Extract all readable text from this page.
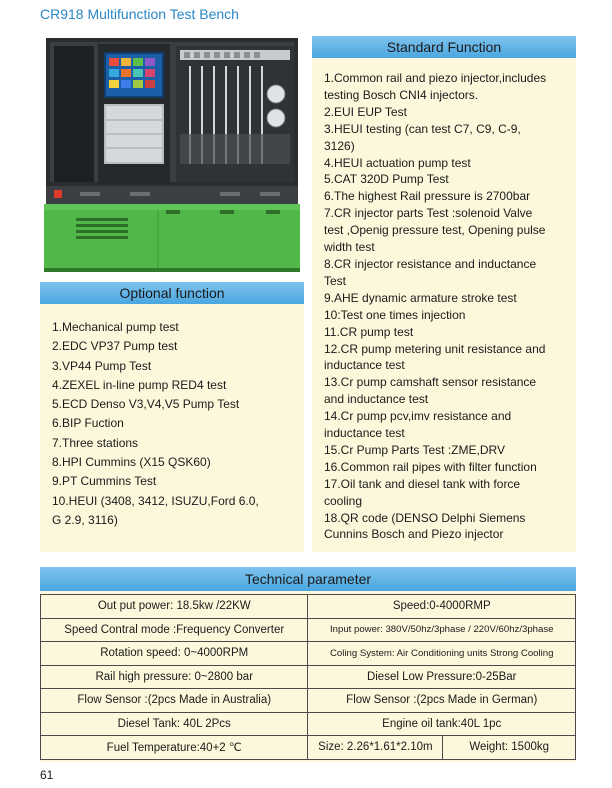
CR918 Multifunction Test Bench
Optional function
1.Mechanical pump test
2.EDC VP37 Pump test
3.VP44 Pump Test
4.ZEXEL in-line pump RED4 test
5.ECD Denso V3,V4,V5 Pump Test
6.BIP Fuction
7.Three stations
8.HPI Cummins (X15 QSK60)
9.PT Cummins Test
10.HEUI (3408, 3412, ISUZU,Ford 6.0,
G 2.9, 3116)
Standard Function
1.Common rail and piezo injector,includes
testing Bosch CNI4 injectors.
2.EUI EUP Test
3.HEUI testing (can test C7, C9, C-9,
3126)
4.HEUI actuation pump test
5.CAT 320D Pump Test
6.The highest Rail pressure is 2700bar
7.CR injector parts Test :solenoid Valve
test ,Openig pressure test, Opening pulse
width test
8.CR injector resistance and inductance
Test
9.AHE dynamic armature stroke test
10:Test one times injection
11.CR pump test
12.CR pump metering unit resistance and
inductance test
13.Cr pump camshaft sensor resistance
and inductance test
14.Cr pump pcv,imv resistance and
inductance test
15.Cr Pump Parts Test :ZME,DRV
16.Common rail pipes with filter function
17.Oil tank and diesel tank with force
cooling
18.QR code (DENSO Delphi Siemens
Cunnins Bosch and Piezo injector
Technical parameter
Out put power: 18.5kw /22KW	Speed:0-4000RMP	
Speed Contral mode :Frequency Converter	Input power: 380V/50hz/3phase / 220V/60hz/3phase	
Rotation speed: 0~4000RPM	Coling System: Air Conditioning units Strong Cooling	
Rail high pressure: 0~2800 bar	Diesel Low Pressure:0-25Bar	
Flow Sensor :(2pcs Made in Australia)	Flow Sensor :(2pcs Made in German)	
Diesel Tank: 40L 2Pcs	Engine oil tank:40L 1pc	
Fuel Temperature:40+2 ℃	Size: 2.26*1.61*2.10m	Weight: 1500kg
61
